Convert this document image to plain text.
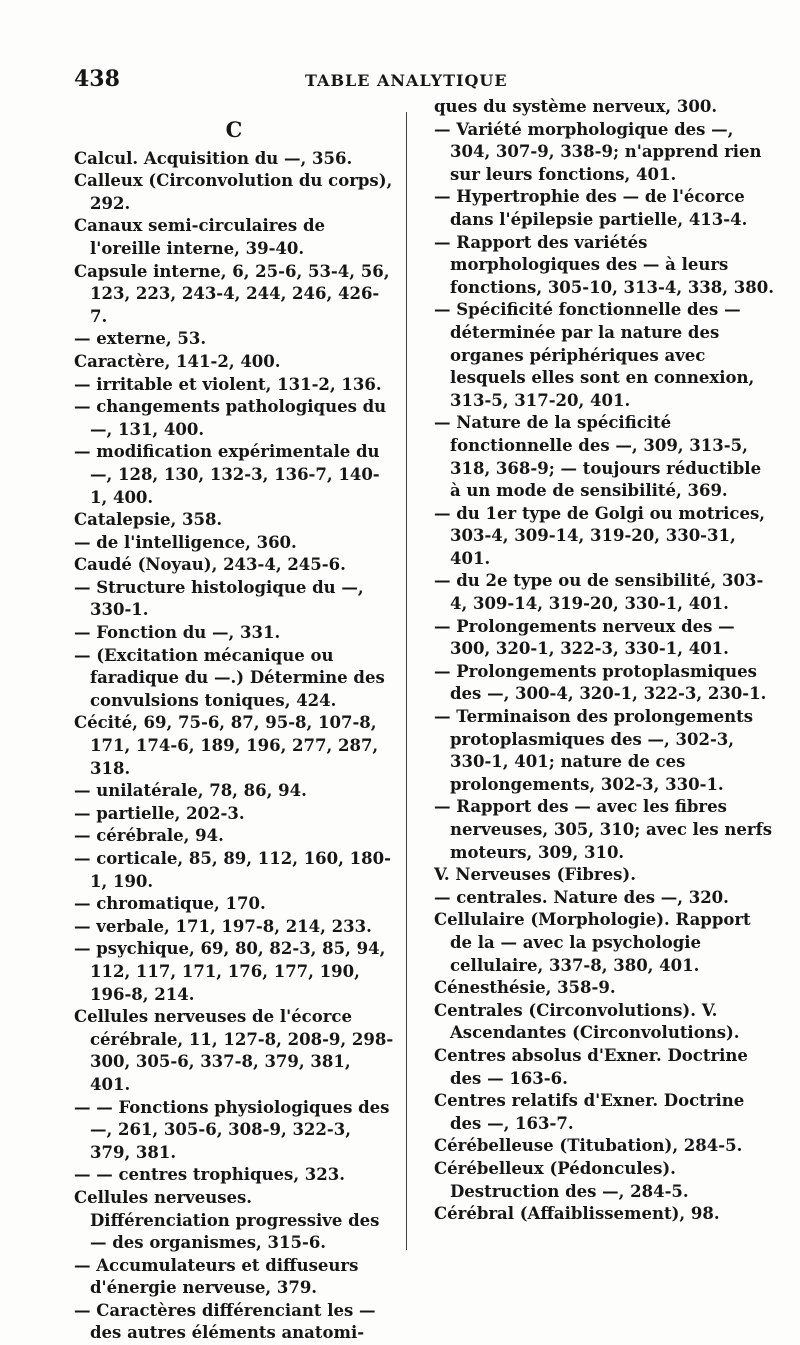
438	TABLE ANALYTIQUE
C

Calcul. Acquisition du —, 356.

Calleux (Circonvolution du corps), 292.

Canaux semi-circulaires de l'oreille interne, 39-40.

Capsule interne, 6, 25-6, 53-4, 56, 123, 223, 243-4, 244, 246, 426-7.

— externe, 53.

Caractère, 141-2, 400.

— irritable et violent, 131-2, 136.

— changements pathologiques du —, 131, 400.

— modification expérimentale du —, 128, 130, 132-3, 136-7, 140-1, 400.

Catalepsie, 358.

— de l'intelligence, 360.

Caudé (Noyau), 243-4, 245-6.

— Structure histologique du —, 330-1.

— Fonction du —, 331.

— (Excitation mécanique ou faradique du —.) Détermine des convulsions toniques, 424.

Cécité, 69, 75-6, 87, 95-8, 107-8, 171, 174-6, 189, 196, 277, 287, 318.

— unilatérale, 78, 86, 94.

— partielle, 202-3.

— cérébrale, 94.

— corticale, 85, 89, 112, 160, 180-1, 190.

— chromatique, 170.

— verbale, 171, 197-8, 214, 233.

— psychique, 69, 80, 82-3, 85, 94, 112, 117, 171, 176, 177, 190, 196-8, 214.

Cellules nerveuses de l'écorce cérébrale, 11, 127-8, 208-9, 298-300, 305-6, 337-8, 379, 381, 401.

— — Fonctions physiologiques des—, 261, 305-6, 308-9, 322-3, 379, 381.

— — centres trophiques, 323.

Cellules nerveuses. Différenciation progressive des — des organismes, 315-6.

— Accumulateurs et diffuseurs d'énergie nerveuse, 379.

— Caractères différenciant les — des autres éléments anatomi-

ques du système nerveux, 300.

— Variété morphologique des —, 304, 307-9, 338-9; n'apprend rien sur leurs fonctions, 401.

— Hypertrophie des — de l'écorce dans l'épilepsie partielle, 413-4.

— Rapport des variétés morphologiques des — à leurs fonctions, 305-10, 313-4, 338, 380.

— Spécificité fonctionnelle des — déterminée par la nature des organes périphériques avec lesquels elles sont en connexion, 313-5, 317-20, 401.

— Nature de la spécificité fonctionnelle des —, 309, 313-5, 318, 368-9; — toujours réductible à un mode de sensibilité, 369.

— du 1er type de Golgi ou motrices, 303-4, 309-14, 319-20, 330-31, 401.

— du 2e type ou de sensibilité, 303-4, 309-14, 319-20, 330-1, 401.

— Prolongements nerveux des — 300, 320-1, 322-3, 330-1, 401.

— Prolongements protoplasmiques des —, 300-4, 320-1, 322-3, 230-1.

— Terminaison des prolongements protoplasmiques des —, 302-3, 330-1, 401; nature de ces prolongements, 302-3, 330-1.

— Rapport des — avec les fibres nerveuses, 305, 310; avec les nerfs moteurs, 309, 310.

V. Nerveuses (Fibres).

— centrales. Nature des —, 320.

Cellulaire (Morphologie). Rapport de la — avec la psychologie cellulaire, 337-8, 380, 401.

Cénesthésie, 358-9.

Centrales (Circonvolutions). V. Ascendantes (Circonvolutions).

Centres absolus d'Exner. Doctrine des — 163-6.

Centres relatifs d'Exner. Doctrine des —, 163-7.

Cérébelleuse (Titubation), 284-5.

Cérébelleux (Pédoncules). Destruction des —, 284-5.

Cérébral (Affaiblissement), 98.
